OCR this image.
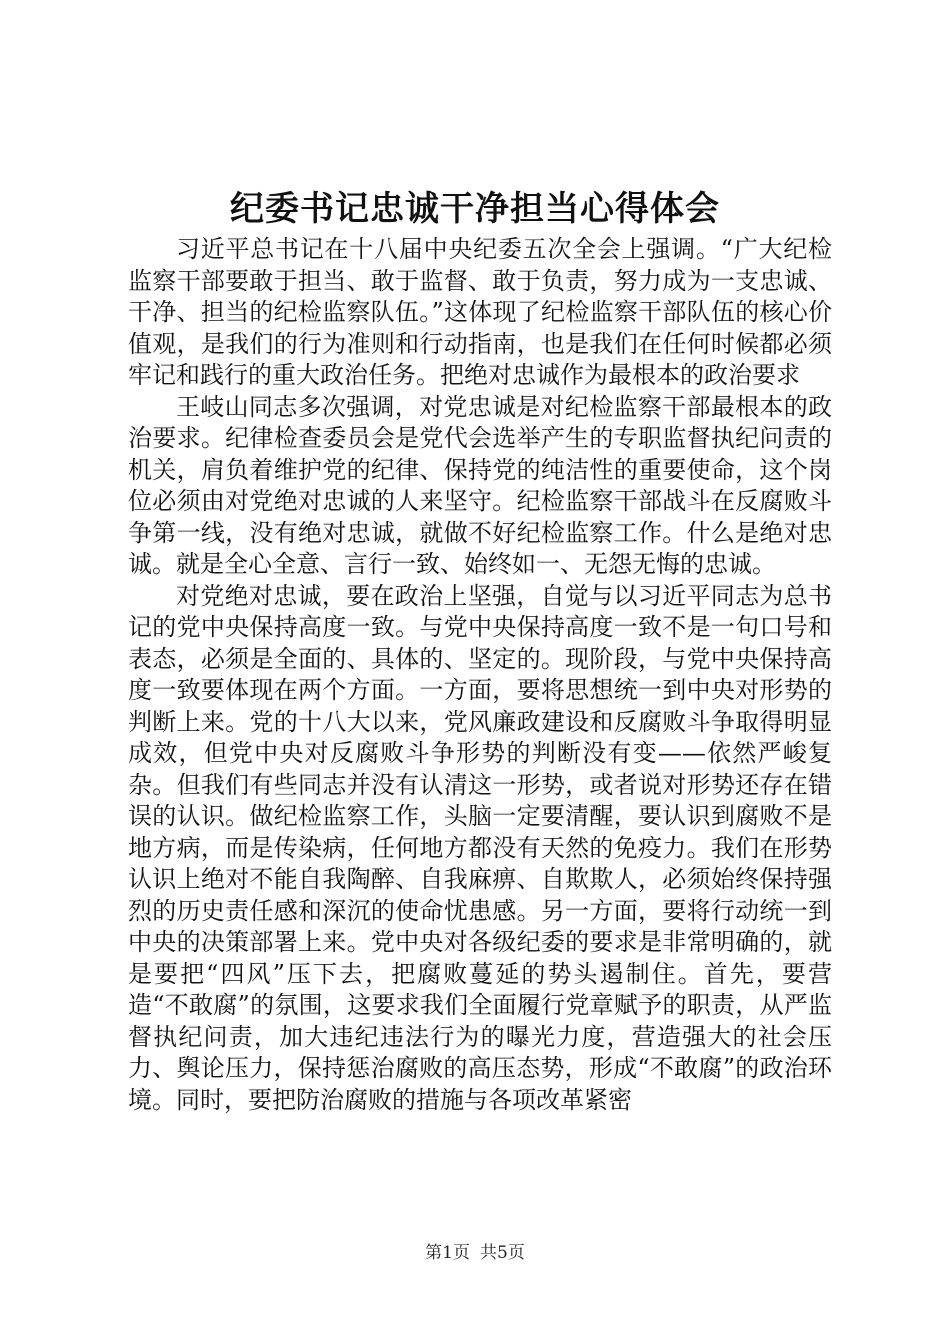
纪委书记忠诚干净担当心得体会

习近平总书记在十八届中央纪委五次全会上强调。“广大纪检监察干部要敢于担当、敢于监督、敢于负责，努力成为一支忠诚、干净、担当的纪检监察队伍。”这体现了纪检监察干部队伍的核心价值观，是我们的行为准则和行动指南，也是我们在任何时候都必须牢记和践行的重大政治任务。把绝对忠诚作为最根本的政治要求

王岐山同志多次强调，对党忠诚是对纪检监察干部最根本的政治要求。纪律检查委员会是党代会选举产生的专职监督执纪问责的机关，肩负着维护党的纪律、保持党的纯洁性的重要使命，这个岗位必须由对党绝对忠诚的人来坚守。纪检监察干部战斗在反腐败斗争第一线，没有绝对忠诚，就做不好纪检监察工作。什么是绝对忠诚。就是全心全意、言行一致、始终如一、无怨无悔的忠诚。

对党绝对忠诚，要在政治上坚强，自觉与以习近平同志为总书记的党中央保持高度一致。与党中央保持高度一致不是一句口号和表态，必须是全面的、具体的、坚定的。现阶段，与党中央保持高度一致要体现在两个方面。一方面，要将思想统一到中央对形势的判断上来。党的十八大以来，党风廉政建设和反腐败斗争取得明显成效，但党中央对反腐败斗争形势的判断没有变——依然严峻复杂。但我们有些同志并没有认清这一形势，或者说对形势还存在错误的认识。做纪检监察工作，头脑一定要清醒，要认识到腐败不是地方病，而是传染病，任何地方都没有天然的免疫力。我们在形势认识上绝对不能自我陶醉、自我麻痹、自欺欺人，必须始终保持强烈的历史责任感和深沉的使命忧患感。另一方面，要将行动统一到中央的决策部署上来。党中央对各级纪委的要求是非常明确的，就是要把“四风”压下去，把腐败蔓延的势头遏制住。首先，要营造“不敢腐”的氛围，这要求我们全面履行党章赋予的职责，从严监督执纪问责，加大违纪违法行为的曝光力度，营造强大的社会压力、舆论压力，保持惩治腐败的高压态势，形成“不敢腐”的政治环境。同时，要把防治腐败的措施与各项改革紧密

第1页 共5页
